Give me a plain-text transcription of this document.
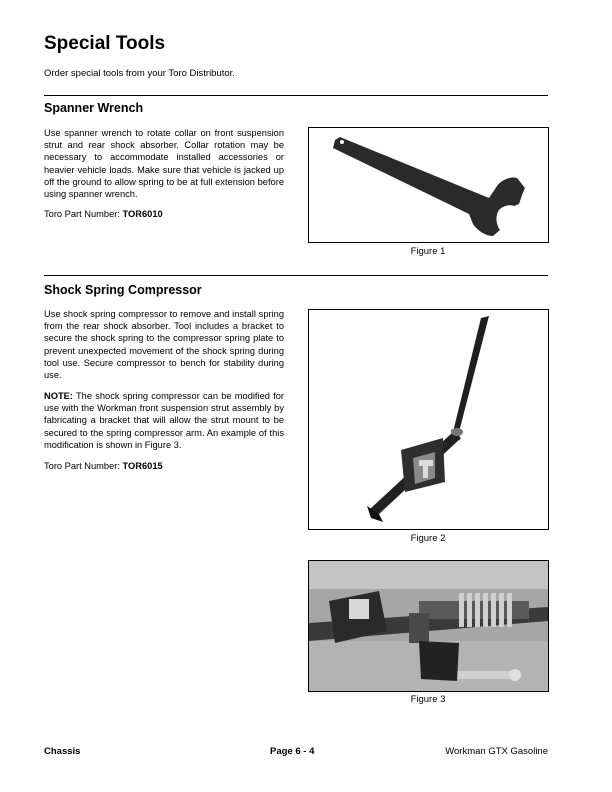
Special Tools
Order special tools from your Toro Distributor.
Spanner Wrench

Use spanner wrench to rotate collar on front suspension strut and rear shock absorber. Collar rotation may be necessary to accommodate installed accessories or heavier vehicle loads. Make sure that vehicle is jacked up off the ground to allow spring to be at full extension before using spanner wrench.

Toro Part Number: TOR6010

Figure 1
Shock Spring Compressor

Use shock spring compressor to remove and install spring from the rear shock absorber. Tool includes a bracket to secure the shock spring to the compressor spring plate to prevent unexpected movement of the shock spring during tool use. Secure compressor to bench for stability during use.

NOTE: The shock spring compressor can be modified for use with the Workman front suspension strut assembly by fabricating a bracket that will allow the strut mount to be secured to the spring compressor arm. An example of this modification is shown in Figure 3.

Toro Part Number: TOR6015

Figure 2
Figure 3
Chassis	Page 6 - 4	Workman GTX Gasoline
